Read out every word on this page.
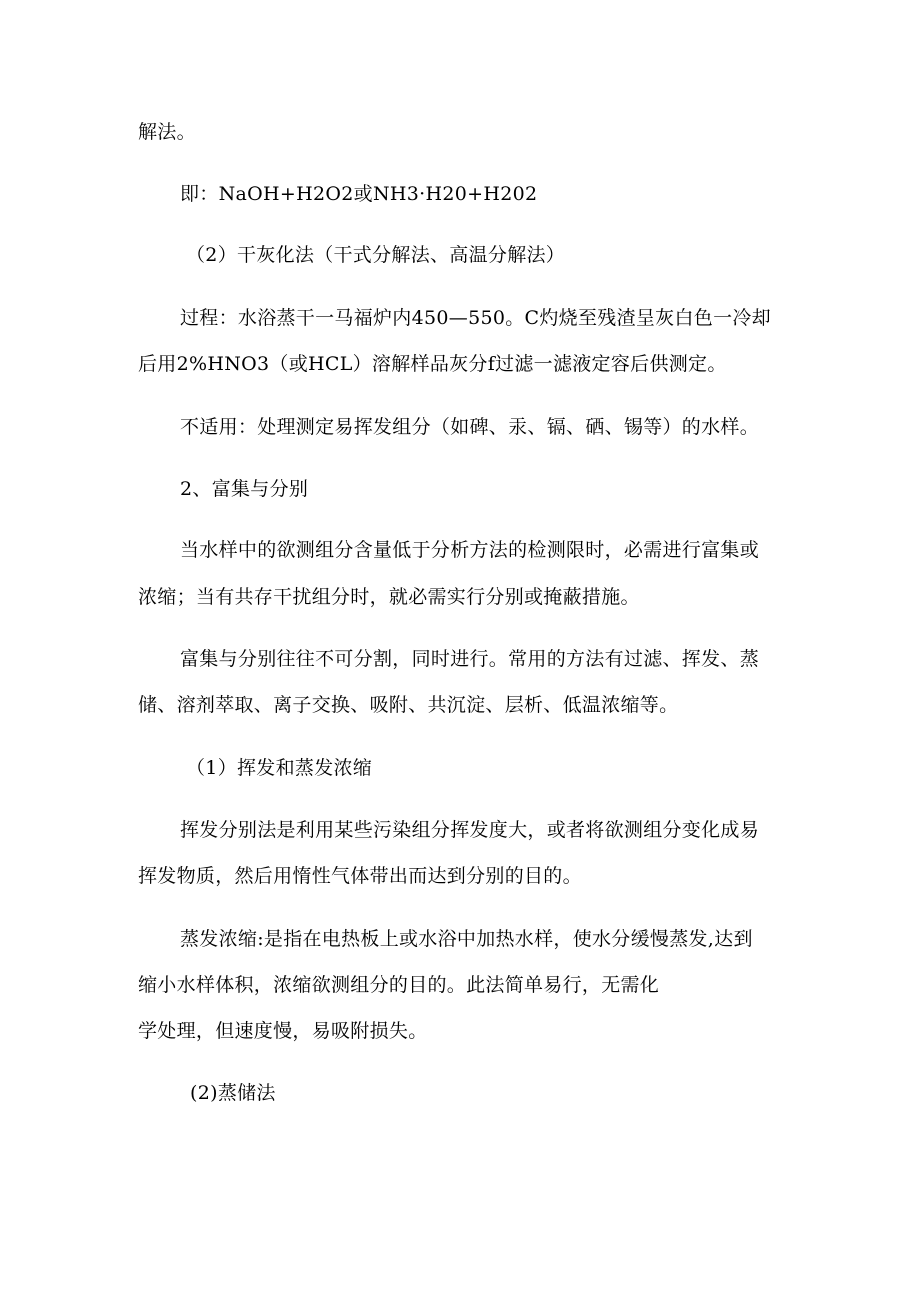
解法。
即：NaOH+H2O2或NH3·H20+H202
（2）干灰化法（干式分解法、高温分解法）
过程：水浴蒸干一马福炉内450—550。C灼烧至残渣呈灰白色一冷却
后用2%HNO3（或HCL）溶解样品灰分f过滤一滤液定容后供测定。
不适用：处理测定易挥发组分（如碑、汞、镉、硒、锡等）的水样。
2、富集与分别
当水样中的欲测组分含量低于分析方法的检测限时，必需进行富集或
浓缩；当有共存干扰组分时，就必需实行分别或掩蔽措施。
富集与分别往往不可分割，同时进行。常用的方法有过滤、挥发、蒸
储、溶剂萃取、离子交换、吸附、共沉淀、层析、低温浓缩等。
（1）挥发和蒸发浓缩
挥发分别法是利用某些污染组分挥发度大，或者将欲测组分变化成易
挥发物质，然后用惰性气体带出而达到分别的目的。
蒸发浓缩:是指在电热板上或水浴中加热水样，使水分缓慢蒸发,达到
缩小水样体积，浓缩欲测组分的目的。此法简单易行，无需化
学处理，但速度慢，易吸附损失。
(2)蒸储法
